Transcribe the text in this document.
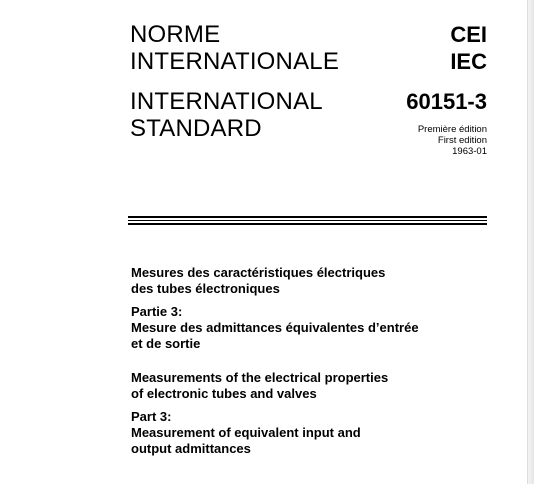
NORME
INTERNATIONALE
INTERNATIONAL
STANDARD
CEI
IEC
60151-3
Première édition
First edition
1963-01
Mesures des caractéristiques électriques
des tubes électroniques
Partie 3:
Mesure des admittances équivalentes d’entrée
et de sortie
Measurements of the electrical properties
of electronic tubes and valves
Part 3:
Measurement of equivalent input and
output admittances
